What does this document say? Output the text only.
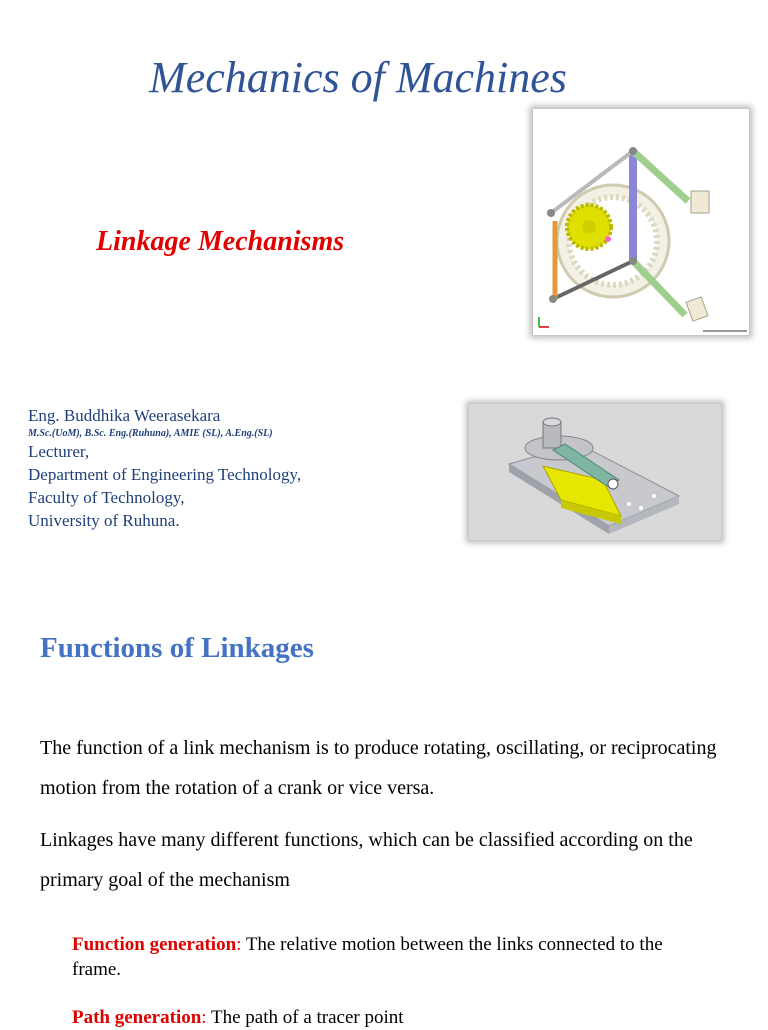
Mechanics of Machines
Linkage Mechanisms
Eng. Buddhika Weerasekara
M.Sc.(UoM), B.Sc. Eng.(Ruhuna), AMIE (SL), A.Eng.(SL)
Lecturer,
Department of Engineering Technology,
Faculty of Technology,
University of Ruhuna.
Functions of Linkages
The function of a link mechanism is to produce rotating, oscillating, or reciprocating motion from the rotation of a crank or vice versa.
Linkages have many different functions, which can be classified according on the primary goal of the mechanism
Function generation: The relative motion between the links connected to the frame.
Path generation: The path of a tracer point
